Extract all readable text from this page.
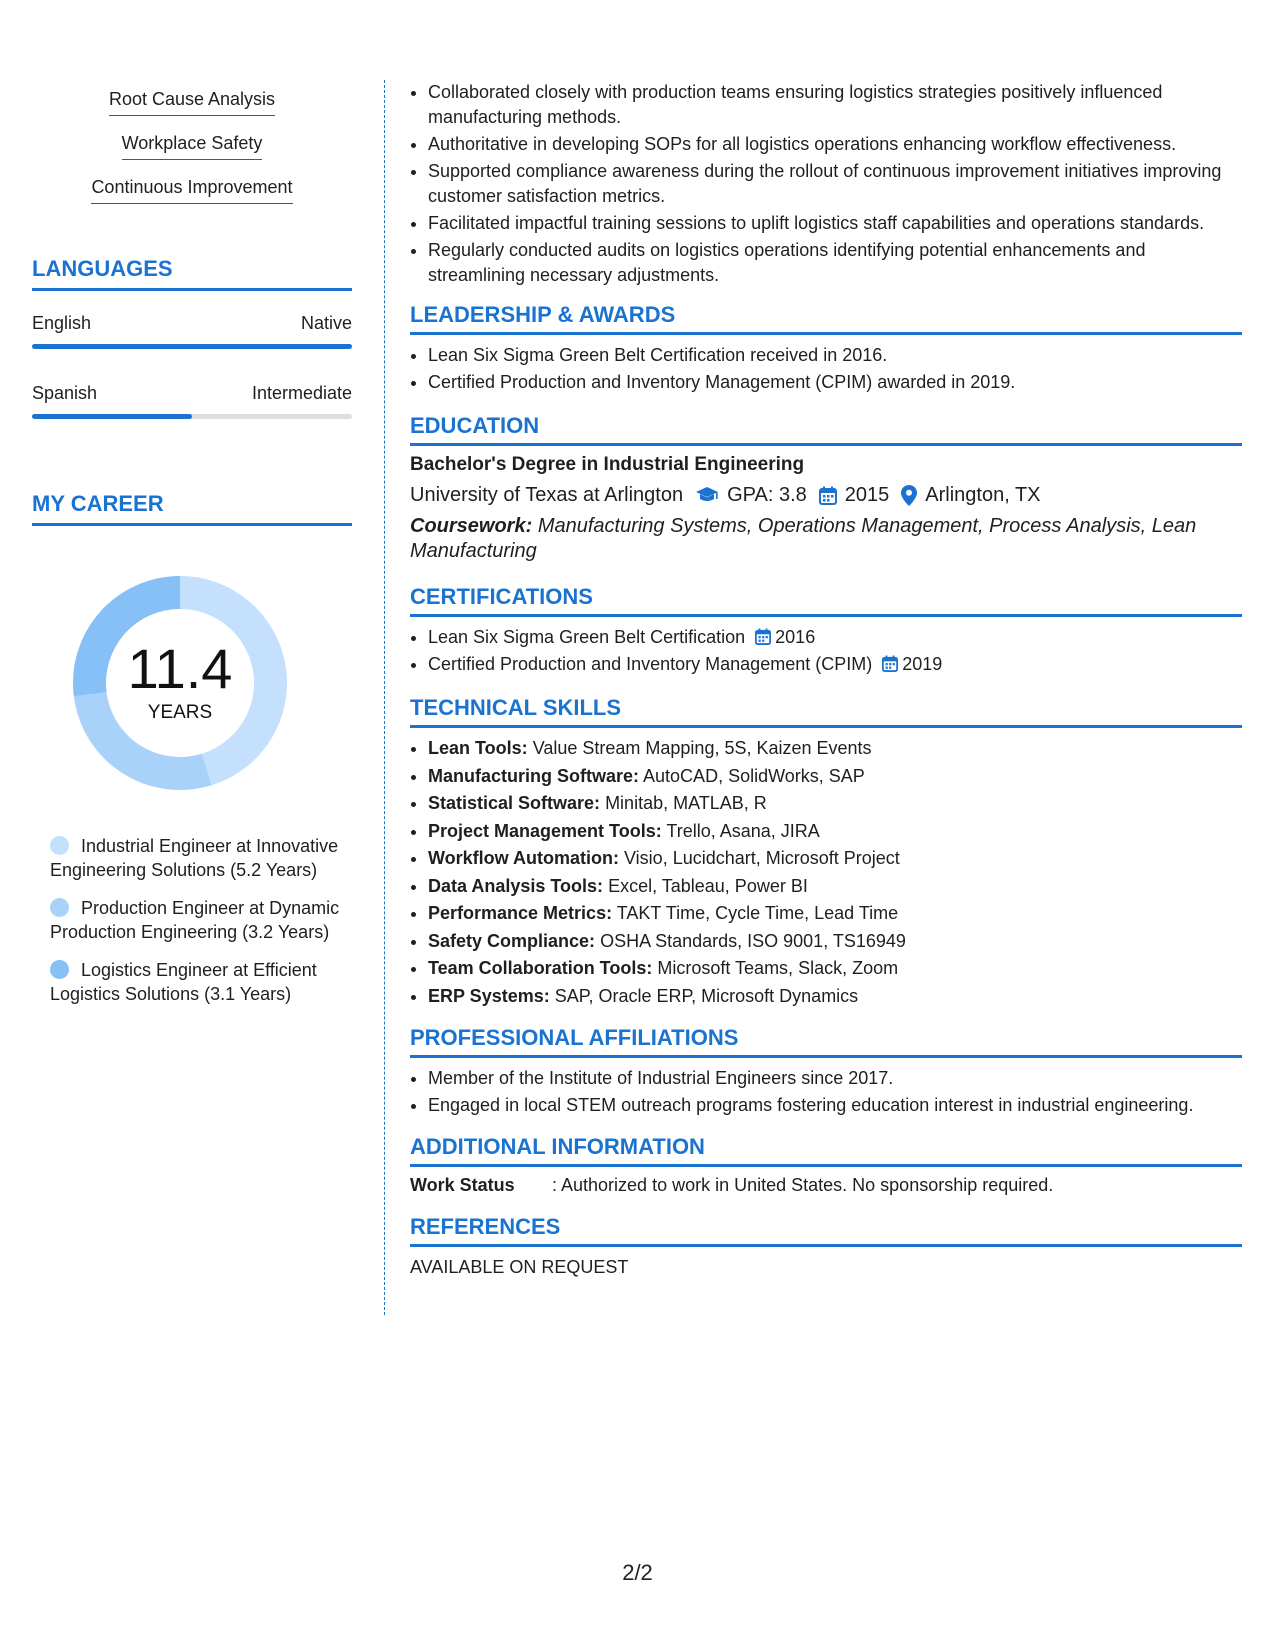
Root Cause Analysis
Workplace Safety
Continuous Improvement
LANGUAGES
English	Native
Spanish	Intermediate
MY CAREER
11.4
YEARS
Industrial Engineer at Innovative Engineering Solutions (5.2 Years)
Production Engineer at Dynamic Production Engineering (3.2 Years)
Logistics Engineer at Efficient Logistics Solutions (3.1 Years)
• Collaborated closely with production teams ensuring logistics strategies positively influenced manufacturing methods.
• Authoritative in developing SOPs for all logistics operations enhancing workflow effectiveness.
• Supported compliance awareness during the rollout of continuous improvement initiatives improving customer satisfaction metrics.
• Facilitated impactful training sessions to uplift logistics staff capabilities and operations standards.
• Regularly conducted audits on logistics operations identifying potential enhancements and streamlining necessary adjustments.
LEADERSHIP & AWARDS
• Lean Six Sigma Green Belt Certification received in 2016.
• Certified Production and Inventory Management (CPIM) awarded in 2019.
EDUCATION
Bachelor's Degree in Industrial Engineering
University of Texas at Arlington GPA: 3.8 2015 Arlington, TX
Coursework: Manufacturing Systems, Operations Management, Process Analysis, Lean Manufacturing
CERTIFICATIONS
• Lean Six Sigma Green Belt Certification 2016
• Certified Production and Inventory Management (CPIM) 2019
TECHNICAL SKILLS
• Lean Tools: Value Stream Mapping, 5S, Kaizen Events
• Manufacturing Software: AutoCAD, SolidWorks, SAP
• Statistical Software: Minitab, MATLAB, R
• Project Management Tools: Trello, Asana, JIRA
• Workflow Automation: Visio, Lucidchart, Microsoft Project
• Data Analysis Tools: Excel, Tableau, Power BI
• Performance Metrics: TAKT Time, Cycle Time, Lead Time
• Safety Compliance: OSHA Standards, ISO 9001, TS16949
• Team Collaboration Tools: Microsoft Teams, Slack, Zoom
• ERP Systems: SAP, Oracle ERP, Microsoft Dynamics
PROFESSIONAL AFFILIATIONS
• Member of the Institute of Industrial Engineers since 2017.
• Engaged in local STEM outreach programs fostering education interest in industrial engineering.
ADDITIONAL INFORMATION
Work Status	: Authorized to work in United States. No sponsorship required.
REFERENCES
AVAILABLE ON REQUEST
2/2
